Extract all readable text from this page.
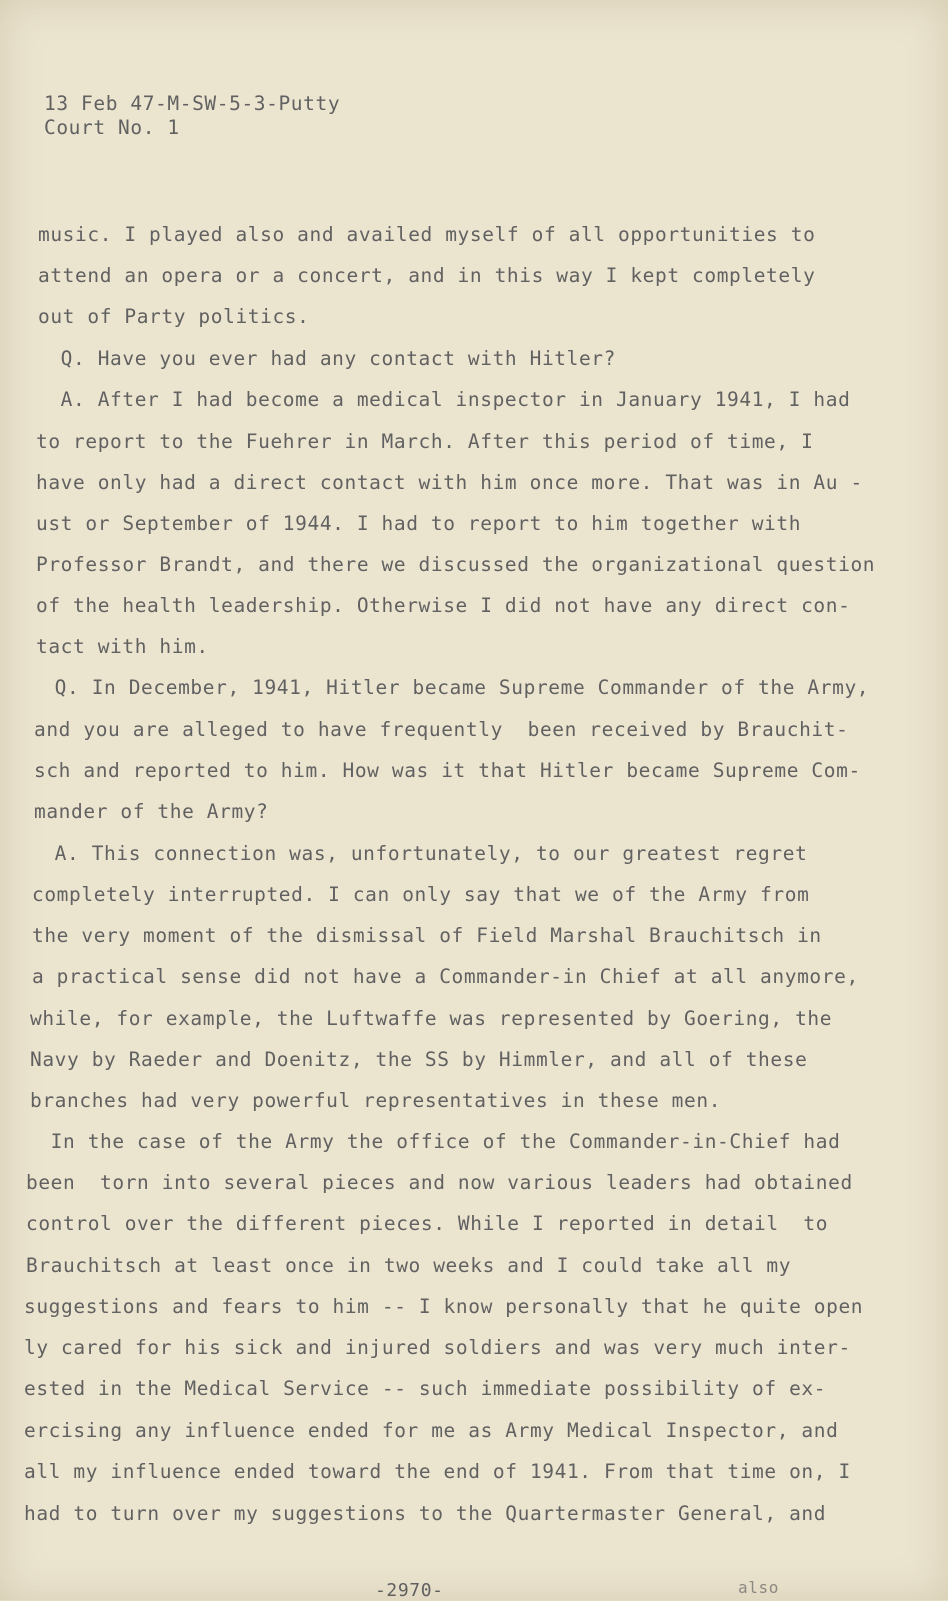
13 Feb 47-M-SW-5-3-Putty
Court No. 1
music. I played also and availed myself of all opportunities to
attend an opera or a concert, and in this way I kept completely
out of Party politics.
Q. Have you ever had any contact with Hitler?
A. After I had become a medical inspector in January 1941, I had
to report to the Fuehrer in March. After this period of time, I
have only had a direct contact with him once more. That was in Au -
ust or September of 1944. I had to report to him together with
Professor Brandt, and there we discussed the organizational question
of the health leadership. Otherwise I did not have any direct con-
tact with him.
Q. In December, 1941, Hitler became Supreme Commander of the Army,
and you are alleged to have frequently  been received by Brauchit-
sch and reported to him. How was it that Hitler became Supreme Com-
mander of the Army?
A. This connection was, unfortunately, to our greatest regret
completely interrupted. I can only say that we of the Army from
the very moment of the dismissal of Field Marshal Brauchitsch in
a practical sense did not have a Commander-in Chief at all anymore,
while, for example, the Luftwaffe was represented by Goering, the
Navy by Raeder and Doenitz, the SS by Himmler, and all of these
branches had very powerful representatives in these men.
In the case of the Army the office of the Commander-in-Chief had
been  torn into several pieces and now various leaders had obtained
control over the different pieces. While I reported in detail  to
Brauchitsch at least once in two weeks and I could take all my
suggestions and fears to him -- I know personally that he quite open
ly cared for his sick and injured soldiers and was very much inter-
ested in the Medical Service -- such immediate possibility of ex-
ercising any influence ended for me as Army Medical Inspector, and
all my influence ended toward the end of 1941. From that time on, I
had to turn over my suggestions to the Quartermaster General, and
-2970-	also
